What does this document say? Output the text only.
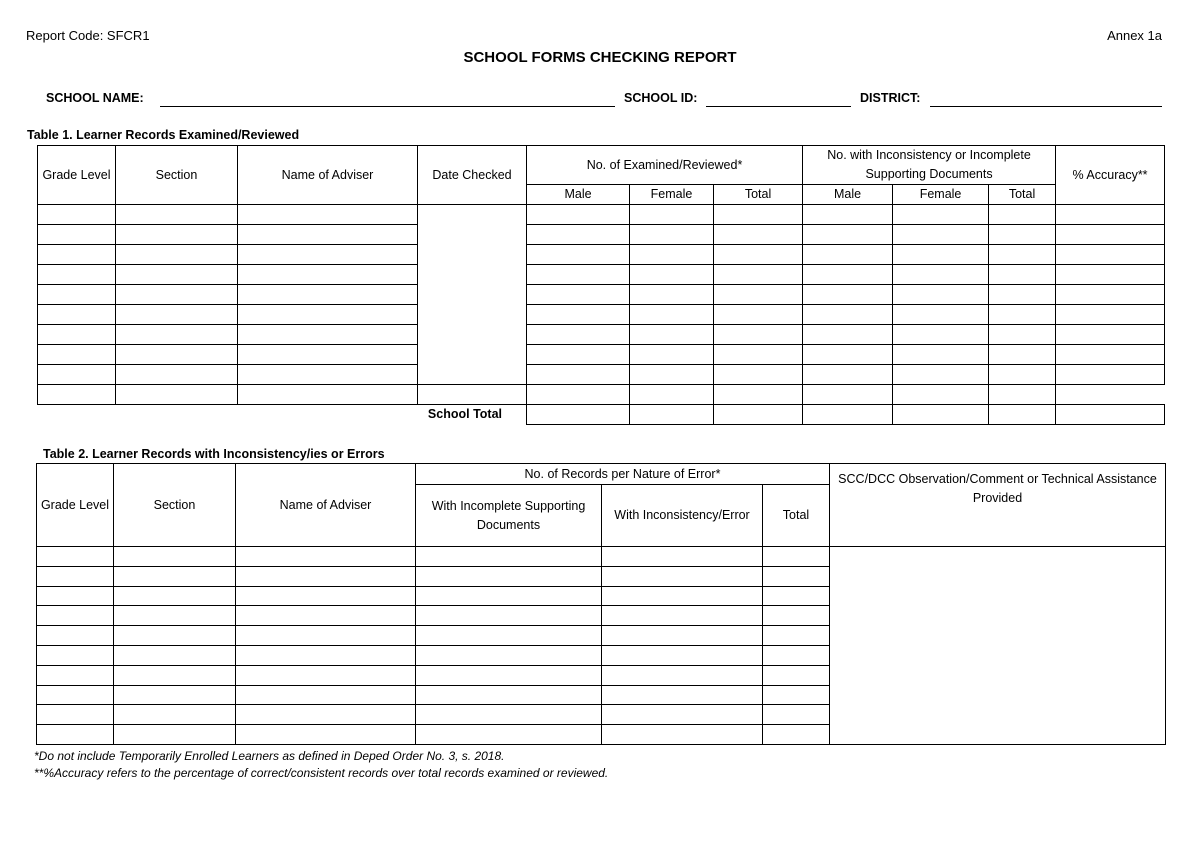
Report Code: SFCR1	Annex 1a
SCHOOL FORMS CHECKING REPORT
SCHOOL NAME:	SCHOOL ID:	DISTRICT:
Table 1. Learner Records Examined/Reviewed
Grade Level	Section	Name of Adviser	Date Checked	No. of Examined/Reviewed*			No. with Inconsistency or Incomplete Supporting Documents			% Accuracy**
				Male	Female	Total	Male	Female	Total	

School Total										
Table 2. Learner Records with Inconsistency/ies or Errors
Grade Level	Section	Name of Adviser	No. of Records per Nature of Error*			SCC/DCC Observation/Comment or Technical Assistance Provided
			With Incomplete Supporting Documents	With Inconsistency/Error	Total	

*Do not include Temporarily Enrolled Learners as defined in Deped Order No. 3, s. 2018.
**%Accuracy refers to the percentage of correct/consistent records over total records examined or reviewed.
